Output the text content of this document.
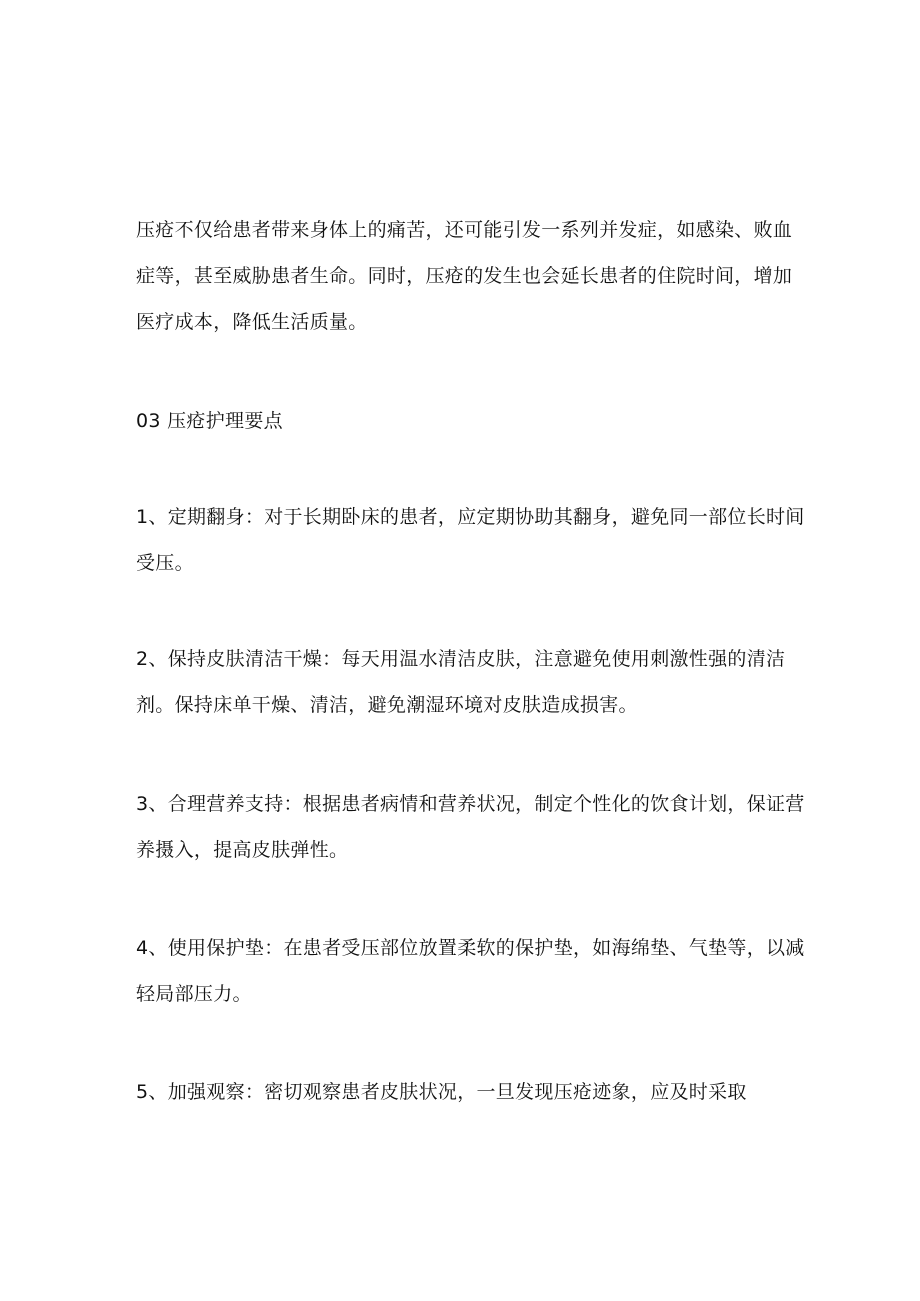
压疮不仅给患者带来身体上的痛苦，还可能引发一系列并发症，如感染、败血
症等，甚至威胁患者生命。同时，压疮的发生也会延长患者的住院时间，增加
医疗成本，降低生活质量。
03 压疮护理要点
1、定期翻身：对于长期卧床的患者，应定期协助其翻身，避免同一部位长时间
受压。
2、保持皮肤清洁干燥：每天用温水清洁皮肤，注意避免使用刺激性强的清洁
剂。保持床单干燥、清洁，避免潮湿环境对皮肤造成损害。
3、合理营养支持：根据患者病情和营养状况，制定个性化的饮食计划，保证营
养摄入，提高皮肤弹性。
4、使用保护垫：在患者受压部位放置柔软的保护垫，如海绵垫、气垫等，以减
轻局部压力。
5、加强观察：密切观察患者皮肤状况，一旦发现压疮迹象，应及时采取
